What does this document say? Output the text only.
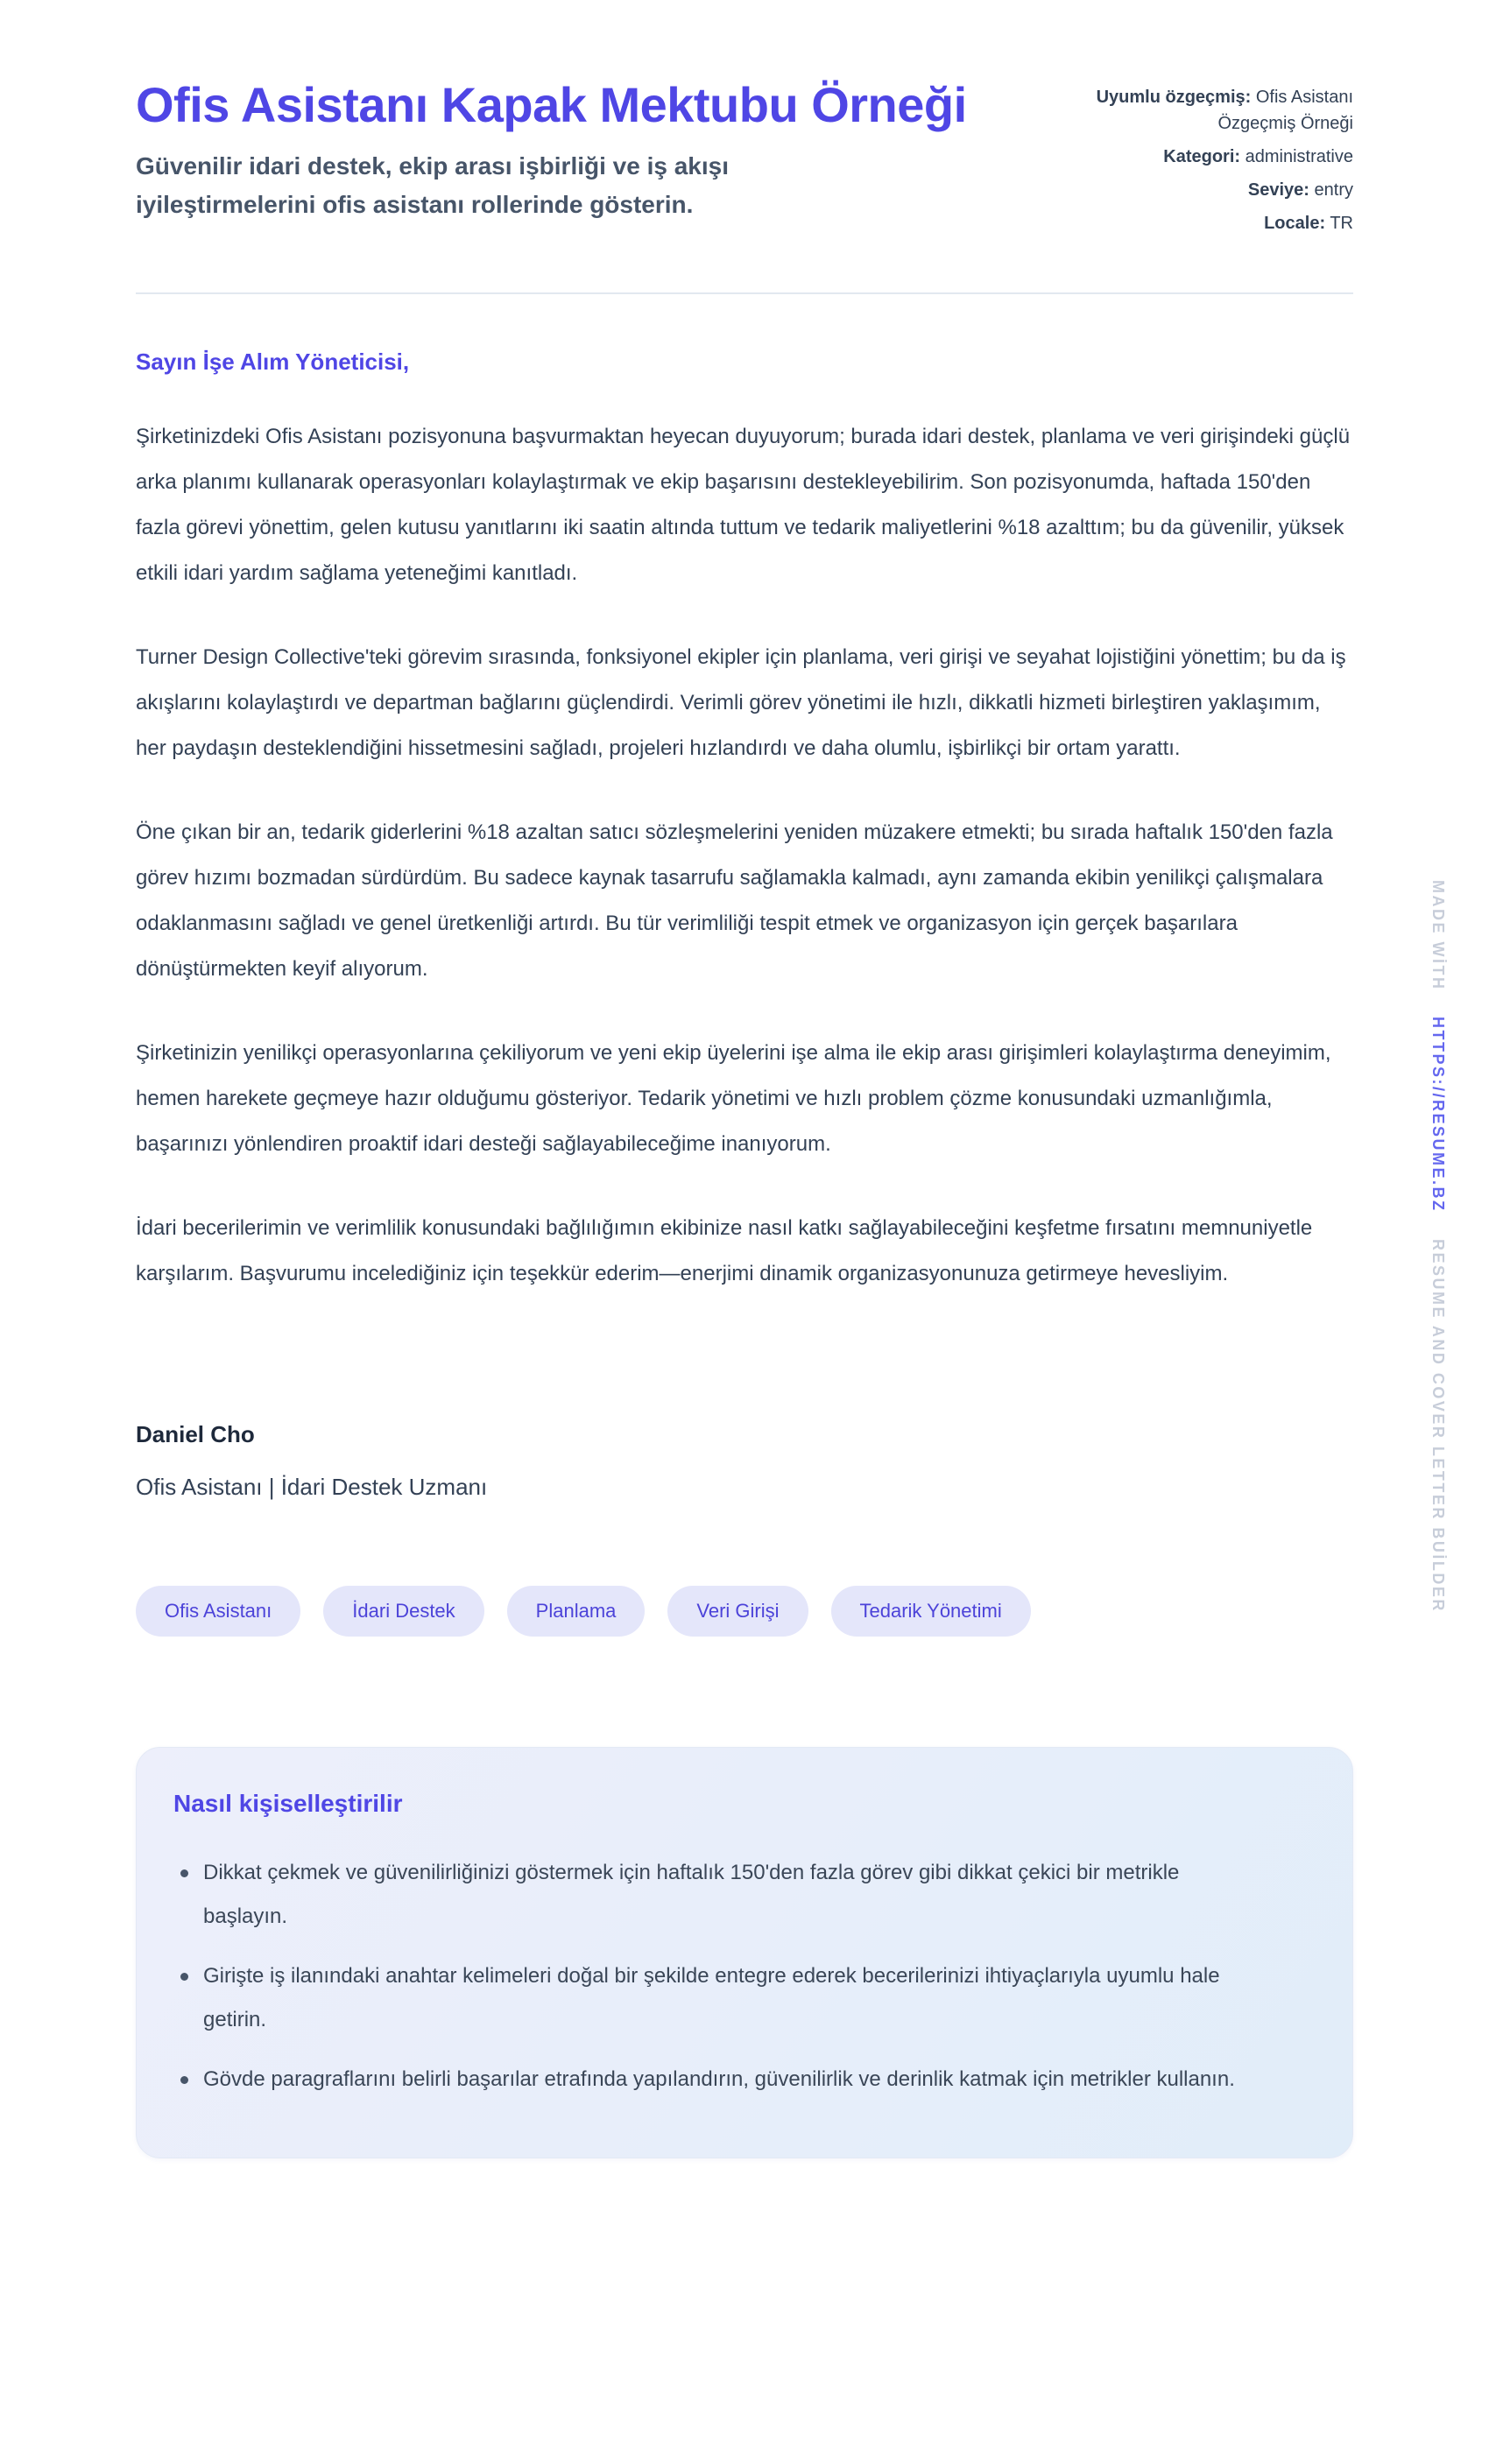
Ofis Asistanı Kapak Mektubu Örneği
Güvenilir idari destek, ekip arası işbirliği ve iş akışı iyileştirmelerini ofis asistanı rollerinde gösterin.
Uyumlu özgeçmiş: Ofis Asistanı Özgeçmiş Örneği
Kategori: administrative
Seviye: entry
Locale: TR

Sayın İşe Alım Yöneticisi,

Şirketinizdeki Ofis Asistanı pozisyonuna başvurmaktan heyecan duyuyorum; burada idari destek, planlama ve veri girişindeki güçlü arka planımı kullanarak operasyonları kolaylaştırmak ve ekip başarısını destekleyebilirim. Son pozisyonumda, haftada 150'den fazla görevi yönettim, gelen kutusu yanıtlarını iki saatin altında tuttum ve tedarik maliyetlerini %18 azalttım; bu da güvenilir, yüksek etkili idari yardım sağlama yeteneğimi kanıtladı.

Turner Design Collective'teki görevim sırasında, fonksiyonel ekipler için planlama, veri girişi ve seyahat lojistiğini yönettim; bu da iş akışlarını kolaylaştırdı ve departman bağlarını güçlendirdi. Verimli görev yönetimi ile hızlı, dikkatli hizmeti birleştiren yaklaşımım, her paydaşın desteklendiğini hissetmesini sağladı, projeleri hızlandırdı ve daha olumlu, işbirlikçi bir ortam yarattı.

Öne çıkan bir an, tedarik giderlerini %18 azaltan satıcı sözleşmelerini yeniden müzakere etmekti; bu sırada haftalık 150'den fazla görev hızımı bozmadan sürdürdüm. Bu sadece kaynak tasarrufu sağlamakla kalmadı, aynı zamanda ekibin yenilikçi çalışmalara odaklanmasını sağladı ve genel üretkenliği artırdı. Bu tür verimliliği tespit etmek ve organizasyon için gerçek başarılara dönüştürmekten keyif alıyorum.

Şirketinizin yenilikçi operasyonlarına çekiliyorum ve yeni ekip üyelerini işe alma ile ekip arası girişimleri kolaylaştırma deneyimim, hemen harekete geçmeye hazır olduğumu gösteriyor. Tedarik yönetimi ve hızlı problem çözme konusundaki uzmanlığımla, başarınızı yönlendiren proaktif idari desteği sağlayabileceğime inanıyorum.

İdari becerilerimin ve verimlilik konusundaki bağlılığımın ekibinize nasıl katkı sağlayabileceğini keşfetme fırsatını memnuniyetle karşılarım. Başvurumu incelediğiniz için teşekkür ederim—enerjimi dinamik organizasyonunuza getirmeye hevesliyim.

Daniel Cho
Ofis Asistanı | İdari Destek Uzmanı
Ofis Asistanı	İdari Destek	Planlama	Veri Girişi	Tedarik Yönetimi
Nasıl kişiselleştirilir
Dikkat çekmek ve güvenilirliğinizi göstermek için haftalık 150'den fazla görev gibi dikkat çekici bir metrikle başlayın.
Girişte iş ilanındaki anahtar kelimeleri doğal bir şekilde entegre ederek becerilerinizi ihtiyaçlarıyla uyumlu hale getirin.
Gövde paragraflarını belirli başarılar etrafında yapılandırın, güvenilirlik ve derinlik katmak için metrikler kullanın.
MADE WİTHHTTPS://RESUME.BZRESUME AND COVER LETTER BUİLDER
